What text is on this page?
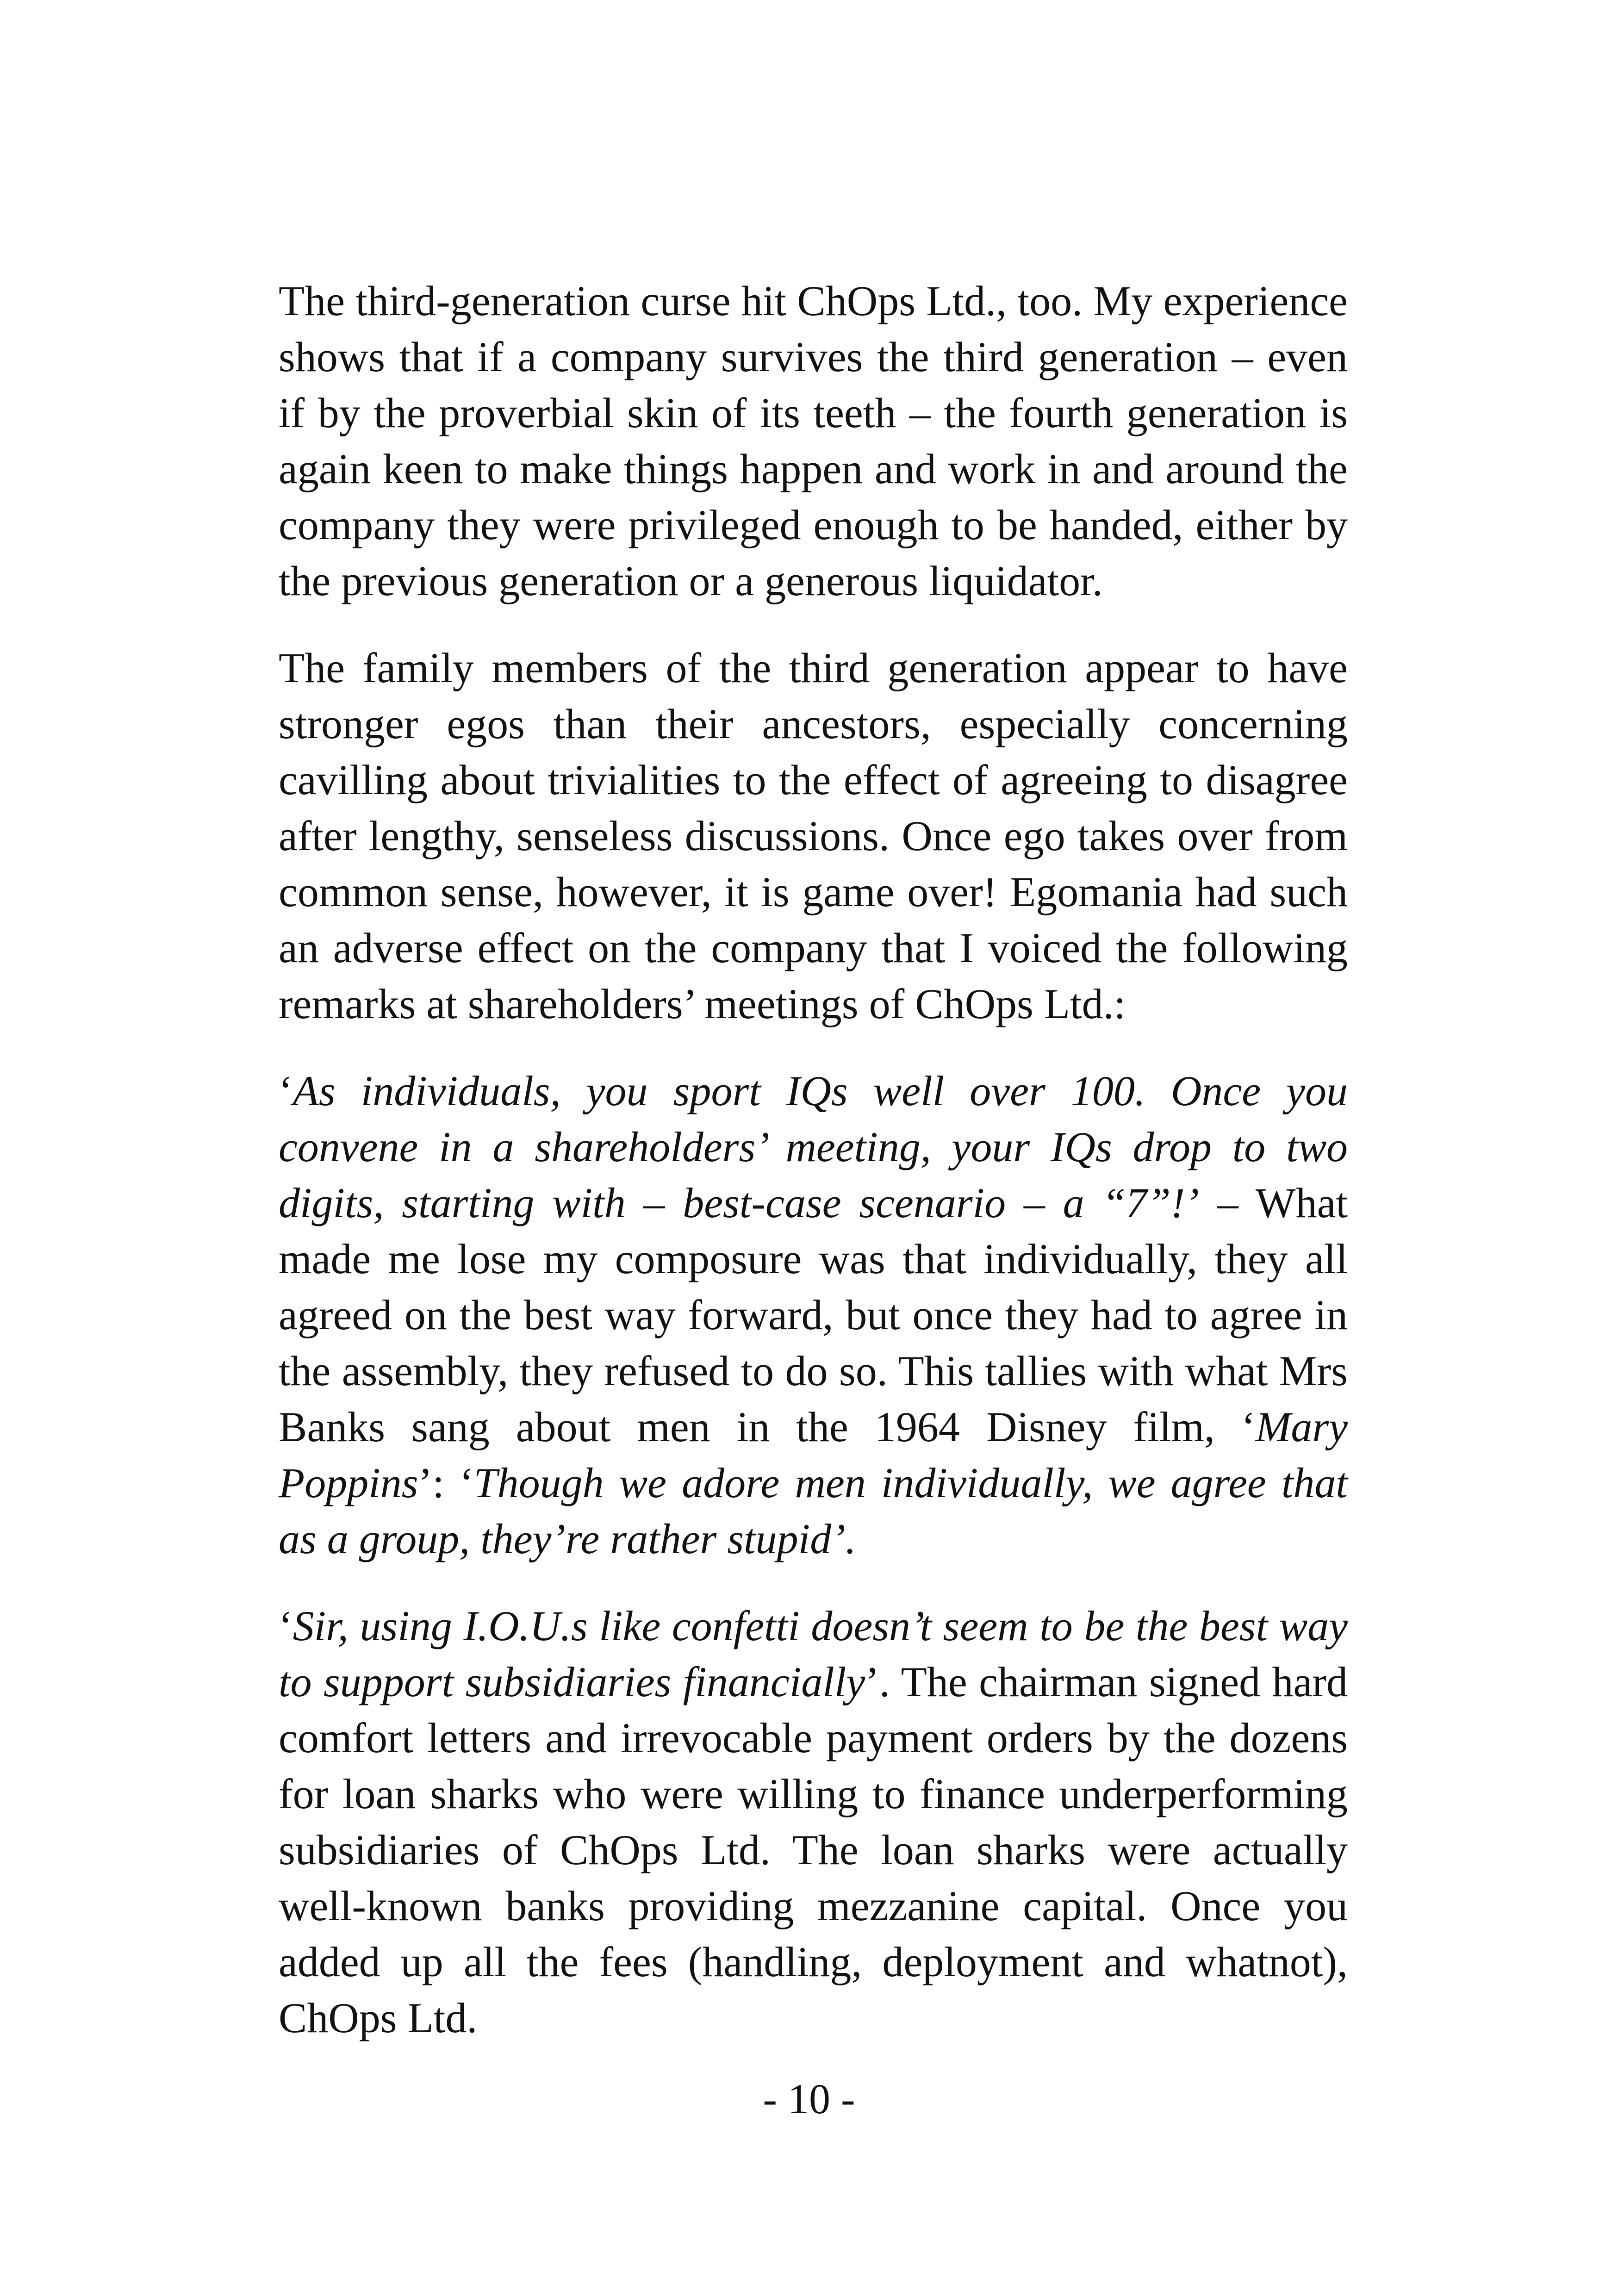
The third-generation curse hit ChOps Ltd., too. My experience shows that if a company survives the third generation – even if by the proverbial skin of its teeth – the fourth generation is again keen to make things happen and work in and around the company they were privileged enough to be handed, either by the previous generation or a generous liquidator.

The family members of the third generation appear to have stronger egos than their ancestors, especially concerning cavilling about trivialities to the effect of agreeing to disagree after lengthy, senseless discussions. Once ego takes over from common sense, however, it is game over! Egomania had such an adverse effect on the company that I voiced the following remarks at shareholders’ meetings of ChOps Ltd.:

‘As individuals, you sport IQs well over 100. Once you convene in a shareholders’ meeting, your IQs drop to two digits, starting with – best-case scenario – a “7”!’ – What made me lose my composure was that individually, they all agreed on the best way forward, but once they had to agree in the assembly, they refused to do so. This tallies with what Mrs Banks sang about men in the 1964 Disney film, ‘Mary Poppins’: ‘Though we adore men individually, we agree that as a group, they’re rather stupid’.

‘Sir, using I.O.U.s like confetti doesn’t seem to be the best way to support subsidiaries financially’. The chairman signed hard comfort letters and irrevocable payment orders by the dozens for loan sharks who were willing to finance underperforming subsidiaries of ChOps Ltd. The loan sharks were actually well-known banks providing mezzanine capital. Once you added up all the fees (handling, deployment and whatnot), ChOps Ltd.

- 10 -
